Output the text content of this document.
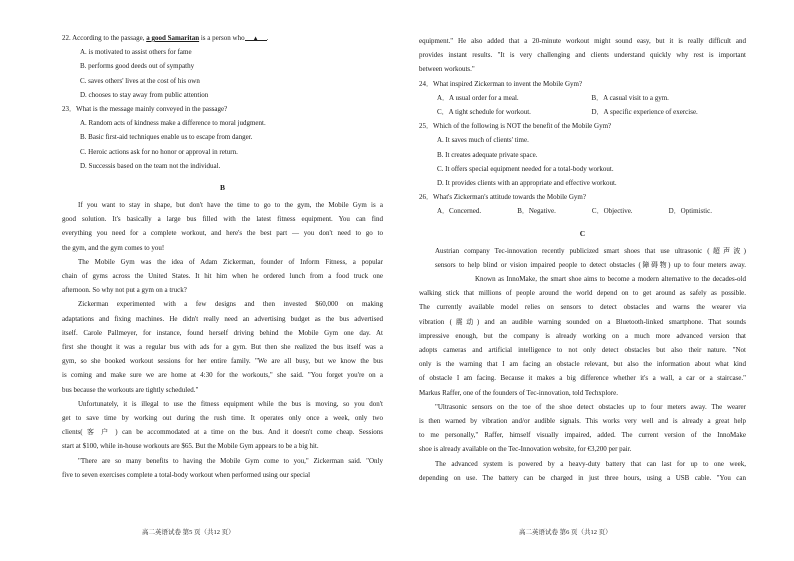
22. According to the passage, a good Samaritan is a person who ▲ .
A. is motivated to assist others for fame
B. performs good deeds out of sympathy
C. saves others' lives at the cost of his own
D. chooses to stay away from public attention
23．What is the message mainly conveyed in the passage?
A. Random acts of kindness make a difference to moral judgment.
B. Basic first-aid techniques enable us to escape from danger.
C. Heroic actions ask for no honor or approval in return.
D. Successis based on the team not the individual.
B
If you want to stay in shape, but don't have the time to go to the gym, the Mobile Gym is a
good solution. It's basically a large bus filled with the latest fitness equipment. You can find
everything you need for a complete workout, and here's the best part — you don't need to go to
the gym, and the gym comes to you!
The Mobile Gym was the idea of Adam Zickerman, founder of Inform Fitness, a popular
chain of gyms across the United States. It hit him when he ordered lunch from a food truck one
afternoon. So why not put a gym on a truck?
Zickerman experimented with a few designs and then invested $60,000 on making
adaptations and fixing machines. He didn't really need an advertising budget as the bus advertised
itself. Carole Pallmeyer, for instance, found herself driving behind the Mobile Gym one day. At
first she thought it was a regular bus with ads for a gym. But then she realized the bus itself was a
gym, so she booked workout sessions for her entire family. "We are all busy, but we know the bus
is coming and make sure we are home at 4:30 for the workouts," she said. "You forget you're on a
bus because the workouts are tightly scheduled."
Unfortunately, it is illegal to use the fitness equipment while the bus is moving, so you don't
get to save time by working out during the rush time. It operates only once a week, only two
clients( 客 户 ) can be accommodated at a time on the bus. And it doesn't come cheap. Sessions
start at $100, while in-house workouts are $65. But the Mobile Gym appears to be a big hit.
"There are so many benefits to having the Mobile Gym come to you," Zickerman said. "Only
five to seven exercises complete a total-body workout when performed using our special
高二英语试卷 第5 页（共12 页）
equipment." He also added that a 20-minute workout might sound easy, but it is really difficult and
provides instant results. "It is very challenging and clients understand quickly why rest is important
between workouts."
24．What inspired Zickerman to invent the Mobile Gym?
A．A usual order for a meal.	B．A casual visit to a gym.
C．A tight schedule for workout.	D．A specific experience of exercise.
25．Which of the following is NOT the benefit of the Mobile Gym?
A. It saves much of clients' time.
B. It creates adequate private space.
C. It offers special equipment needed for a total-body workout.
D. It provides clients with an appropriate and effective workout.
26．What's Zickerman's attitude towards the Mobile Gym?
A．Concerned.	B．Negative.	C．Objective.	D．Optimistic.
C
Austrian company Tec-innovation recently publicized smart shoes that use ultrasonic (超声波)
sensors to help blind or vision impaired people to detect obstacles (障碍物) up to four meters away.
Known as InnoMake, the smart shoe aims to become a modern alternative to the decades-old
walking stick that millions of people around the world depend on to get around as safely as possible.
The currently available model relies on sensors to detect obstacles and warns the wearer via
vibration (震动) and an audible warning sounded on a Bluetooth-linked smartphone. That sounds
impressive enough, but the company is already working on a much more advanced version that
adopts cameras and artificial intelligence to not only detect obstacles but also their nature. "Not
only is the warning that I am facing an obstacle relevant, but also the information about what kind
of obstacle I am facing. Because it makes a big difference whether it's a wall, a car or a staircase."
Markus Raffer, one of the founders of Tec-innovation, told Techxplore.
"Ultrasonic sensors on the toe of the shoe detect obstacles up to four meters away. The wearer
is then warned by vibration and/or audible signals. This works very well and is already a great help
to me personally," Raffer, himself visually impaired, added. The current version of the InnoMake
shoe is already available on the Tec-Innovation website, for €3,200 per pair.
The advanced system is powered by a heavy-duty battery that can last for up to one week,
depending on use. The battery can be charged in just three hours, using a USB cable. "You can
高二英语试卷 第6 页（共12 页）
